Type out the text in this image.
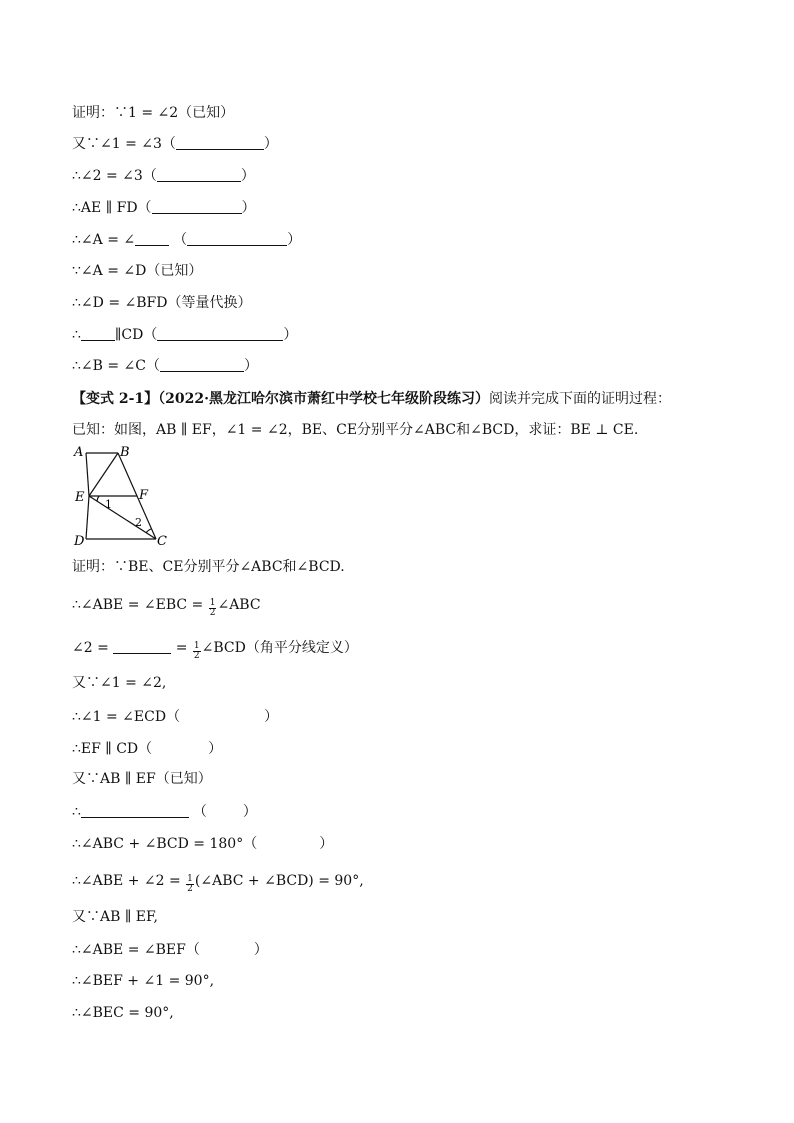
证明：∵1 = ∠2（已知）
又∵∠1 = ∠3（	）
∴∠2 = ∠3（	）
∴AE ∥ FD（	）
∴∠A = ∠	（	）
∵∠A = ∠D（已知）
∴∠D = ∠BFD（等量代换）
∴ ∥CD（	）
∴∠B = ∠C（	）
【变式 2-1】（2022·黑龙江哈尔滨市萧红中学校七年级阶段练习）阅读并完成下面的证明过程：
已知：如图，AB ∥ EF，∠1 = ∠2，BE、CE分别平分∠ABC和∠BCD，求证：BE ⊥ CE.
A	B
E	F
D	C
1
2
证明：∵BE、CE分别平分∠ABC和∠BCD.
∴∠ABE = ∠EBC = $\frac{1}{2}$ ∠ABC
∠2 =	= $\frac{1}{2}$ ∠BCD（角平分线定义）
又∵∠1 = ∠2,
∴∠1 = ∠ECD（	）
∴EF ∥ CD（	）
又∵AB ∥ EF（已知）
∴	（	）
∴∠ABC + ∠BCD = 180°（	）
∴∠ABE + ∠2 = $\frac{1}{2}$ (∠ABC + ∠BCD) = 90°,
又∵AB ∥ EF,
∴∠ABE = ∠BEF（	）
∴∠BEF + ∠1 = 90°,
∴∠BEC = 90°,
